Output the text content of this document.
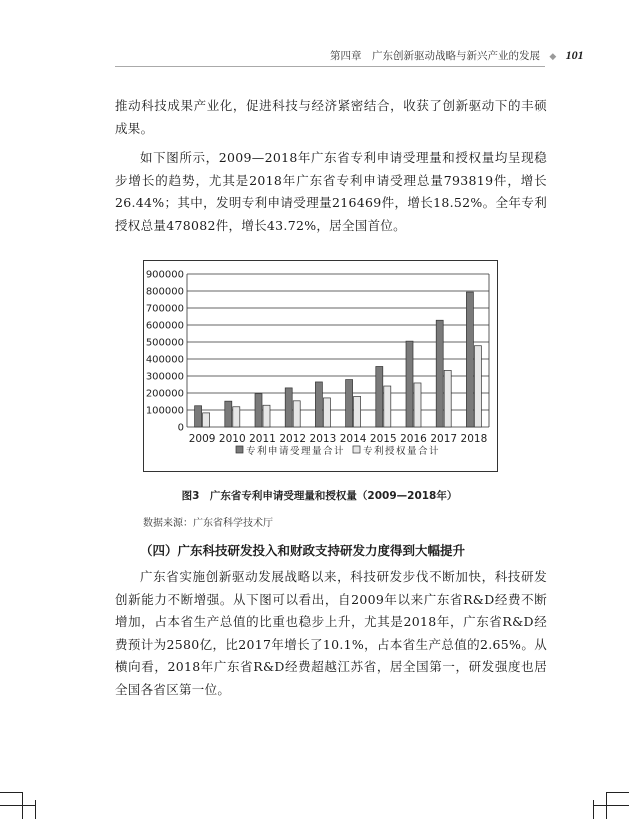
第四章　广东创新驱动战略与新兴产业的发展 ◆ 101

推动科技成果产业化，促进科技与经济紧密结合，收获了创新驱动下的丰硕成果。

如下图所示，2009—2018年广东省专利申请受理量和授权量均呈现稳步增长的趋势，尤其是2018年广东省专利申请受理总量793819件，增长26.44%；其中，发明专利申请受理量216469件，增长18.52%。全年专利授权总量478082件，增长43.72%，居全国首位。

0
100000
200000
300000
400000
500000
600000
700000
800000
900000
2009 2010 2011 2012 2013 2014 2015 2016 2017 2018
专利申请受理量合计 专利授权量合计
图3　广东省专利申请受理量和授权量（2009—2018年）
数据来源：广东省科学技术厅
（四）广东科技研发投入和财政支持研发力度得到大幅提升

广东省实施创新驱动发展战略以来，科技研发步伐不断加快，科技研发创新能力不断增强。从下图可以看出，自2009年以来广东省R&D经费不断增加，占本省生产总值的比重也稳步上升，尤其是2018年，广东省R&D经费预计为2580亿，比2017年增长了10.1%，占本省生产总值的2.65%。从横向看，2018年广东省R&D经费超越江苏省，居全国第一，研发强度也居全国各省区第一位。
